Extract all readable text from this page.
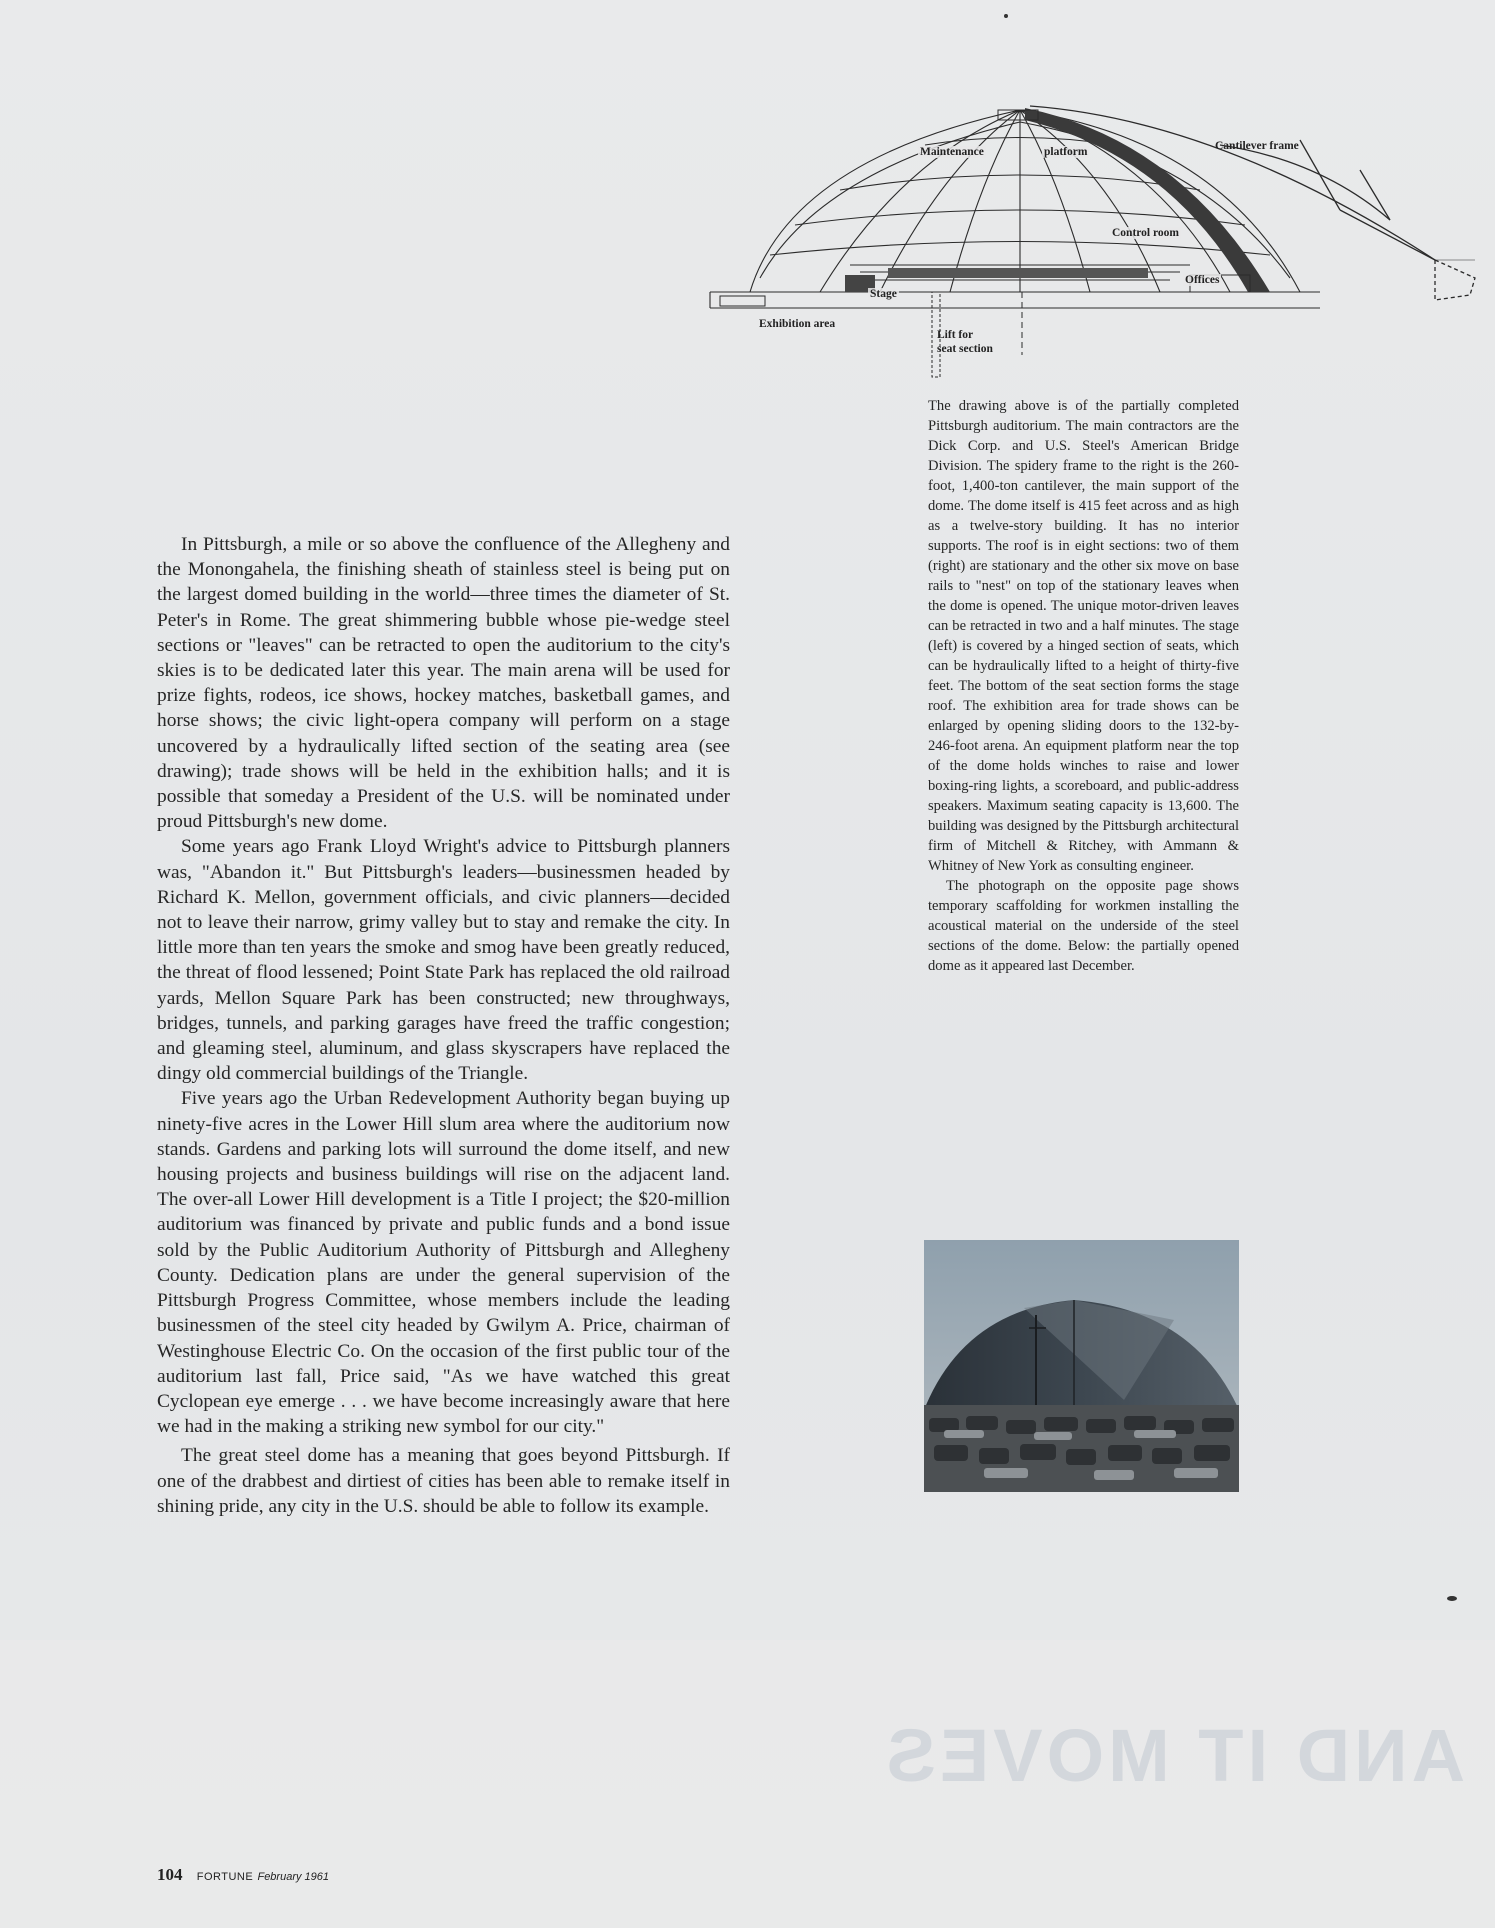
Maintenance	platform	Cantilever frame
Control room
Offices
Stage
Exhibition area
Lift for
seat section

In Pittsburgh, a mile or so above the confluence of the Allegheny and the Monongahela, the finishing sheath of stainless steel is being put on the largest domed building in the world—three times the diameter of St. Peter's in Rome. The great shimmering bubble whose pie-wedge steel sections or "leaves" can be retracted to open the auditorium to the city's skies is to be dedicated later this year. The main arena will be used for prize fights, rodeos, ice shows, hockey matches, basketball games, and horse shows; the civic light-opera company will perform on a stage uncovered by a hydraulically lifted section of the seating area (see drawing); trade shows will be held in the exhibition halls; and it is possible that someday a President of the U.S. will be nominated under proud Pittsburgh's new dome.

Some years ago Frank Lloyd Wright's advice to Pittsburgh planners was, "Abandon it." But Pittsburgh's leaders—businessmen headed by Richard K. Mellon, government officials, and civic planners—decided not to leave their narrow, grimy valley but to stay and remake the city. In little more than ten years the smoke and smog have been greatly reduced, the threat of flood lessened; Point State Park has replaced the old railroad yards, Mellon Square Park has been constructed; new throughways, bridges, tunnels, and parking garages have freed the traffic congestion; and gleaming steel, aluminum, and glass skyscrapers have replaced the dingy old commercial buildings of the Triangle.

Five years ago the Urban Redevelopment Authority began buying up ninety-five acres in the Lower Hill slum area where the auditorium now stands. Gardens and parking lots will surround the dome itself, and new housing projects and business buildings will rise on the adjacent land. The over-all Lower Hill development is a Title I project; the $20-million auditorium was financed by private and public funds and a bond issue sold by the Public Auditorium Authority of Pittsburgh and Allegheny County. Dedication plans are under the general supervision of the Pittsburgh Progress Committee, whose members include the leading businessmen of the steel city headed by Gwilym A. Price, chairman of Westinghouse Electric Co. On the occasion of the first public tour of the auditorium last fall, Price said, "As we have watched this great Cyclopean eye emerge . . . we have become increasingly aware that here we had in the making a striking new symbol for our city."

The great steel dome has a meaning that goes beyond Pittsburgh. If one of the drabbest and dirtiest of cities has been able to remake itself in shining pride, any city in the U.S. should be able to follow its example.

The drawing above is of the partially completed Pittsburgh auditorium. The main contractors are the Dick Corp. and U.S. Steel's American Bridge Division. The spidery frame to the right is the 260-foot, 1,400-ton cantilever, the main support of the dome. The dome itself is 415 feet across and as high as a twelve-story building. It has no interior supports. The roof is in eight sections: two of them (right) are stationary and the other six move on base rails to "nest" on top of the stationary leaves when the dome is opened. The unique motor-driven leaves can be retracted in two and a half minutes. The stage (left) is covered by a hinged section of seats, which can be hydraulically lifted to a height of thirty-five feet. The bottom of the seat section forms the stage roof. The exhibition area for trade shows can be enlarged by opening sliding doors to the 132-by-246-foot arena. An equipment platform near the top of the dome holds winches to raise and lower boxing-ring lights, a scoreboard, and public-address speakers. Maximum seating capacity is 13,600. The building was designed by the Pittsburgh architectural firm of Mitchell & Ritchey, with Ammann & Whitney of New York as consulting engineer.

The photograph on the opposite page shows temporary scaffolding for workmen installing the acoustical material on the underside of the steel sections of the dome. Below: the partially opened dome as it appeared last December.

AND IT MOVES
104 FORTUNE February 1961
